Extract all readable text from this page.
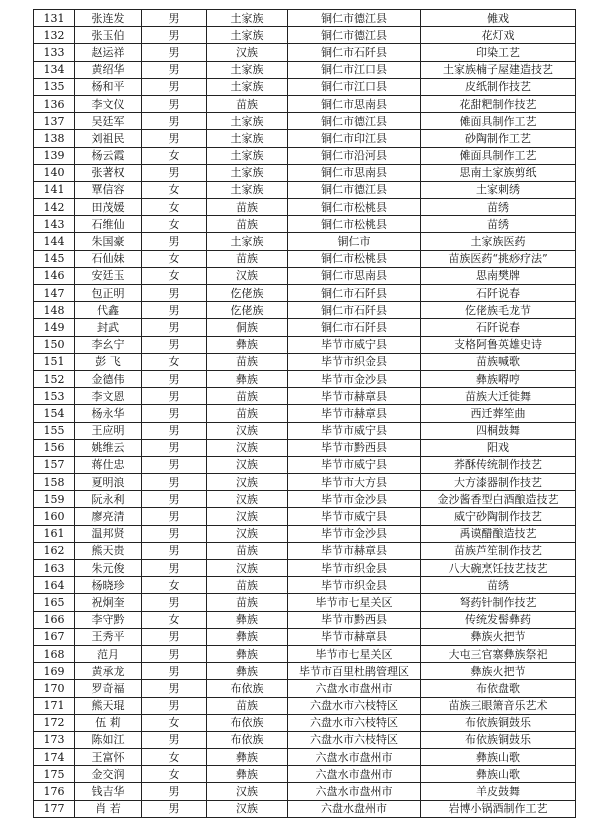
131	张连发	男	土家族	铜仁市德江县	傩戏
132	张玉伯	男	土家族	铜仁市德江县	花灯戏
133	赵运祥	男	汉族	铜仁市石阡县	印染工艺
134	黄绍华	男	土家族	铜仁市江口县	土家族楠子屋建造技艺
135	杨和平	男	土家族	铜仁市江口县	皮纸制作技艺
136	李文仪	男	苗族	铜仁市思南县	花甜粑制作技艺
137	吴廷军	男	土家族	铜仁市德江县	傩面具制作工艺
138	刘祖民	男	土家族	铜仁市印江县	砂陶制作工艺
139	杨云霞	女	土家族	铜仁市沿河县	傩面具制作工艺
140	张著权	男	土家族	铜仁市思南县	思南土家族剪纸
141	覃信容	女	土家族	铜仁市德江县	土家刺绣
142	田茂媛	女	苗族	铜仁市松桃县	苗绣
143	石维仙	女	苗族	铜仁市松桃县	苗绣
144	朱国豪	男	土家族	铜仁市	土家族医药
145	石仙妹	女	苗族	铜仁市松桃县	苗族医药“挑痧疗法”
146	安廷玉	女	汉族	铜仁市思南县	思南樊牌
147	包正明	男	仡佬族	铜仁市石阡县	石阡说春
148	代鑫	男	仡佬族	铜仁市石阡县	仡佬族毛龙节
149	封武	男	侗族	铜仁市石阡县	石阡说春
150	李幺宁	男	彝族	毕节市威宁县	支格阿鲁英雄史诗
151	彭 飞	女	苗族	毕节市织金县	苗族喊歌
152	金德伟	男	彝族	毕节市金沙县	彝族嘚哼
153	李文恩	男	苗族	毕节市赫章县	苗族大迁徙舞
154	杨永华	男	苗族	毕节市赫章县	西迁葬笙曲
155	王应明	男	汉族	毕节市威宁县	四桐鼓舞
156	姚维云	男	汉族	毕节市黔西县	阳戏
157	蒋仕忠	男	汉族	毕节市威宁县	荞酥传统制作技艺
158	夏明浪	男	汉族	毕节市大方县	大方漆器制作技艺
159	阮永利	男	汉族	毕节市金沙县	金沙酱香型白酒酿造技艺
160	廖亮清	男	汉族	毕节市威宁县	威宁砂陶制作技艺
161	温邦贤	男	汉族	毕节市金沙县	禹谟醋酿造技艺
162	熊天贵	男	苗族	毕节市赫章县	苗族芦笙制作技艺
163	朱元俊	男	汉族	毕节市织金县	八大碗烹饪技艺技艺
164	杨晓珍	女	苗族	毕节市织金县	苗绣
165	祝炯奎	男	苗族	毕节市七星关区	弩药针制作技艺
166	李守黔	女	彝族	毕节市黔西县	传统发髻彝药
167	王秀平	男	彝族	毕节市赫章县	彝族火把节
168	范月	男	彝族	毕节市七星关区	大屯三官寨彝族祭祀
169	黄承龙	男	彝族	毕节市百里杜鹃管理区	彝族火把节
170	罗奇福	男	布依族	六盘水市盘州市	布依盘歌
171	熊天琨	男	苗族	六盘水市六枝特区	苗族三眼箫音乐艺术
172	伍 莉	女	布依族	六盘水市六枝特区	布依族铜鼓乐
173	陈如江	男	布依族	六盘水市六枝特区	布依族铜鼓乐
174	王富怀	女	彝族	六盘水市盘州市	彝族山歌
175	金交润	女	彝族	六盘水市盘州市	彝族山歌
176	钱吉华	男	汉族	六盘水市盘州市	羊皮鼓舞
177	肖 若	男	汉族	六盘水盘州市	岩博小锅酒制作工艺
